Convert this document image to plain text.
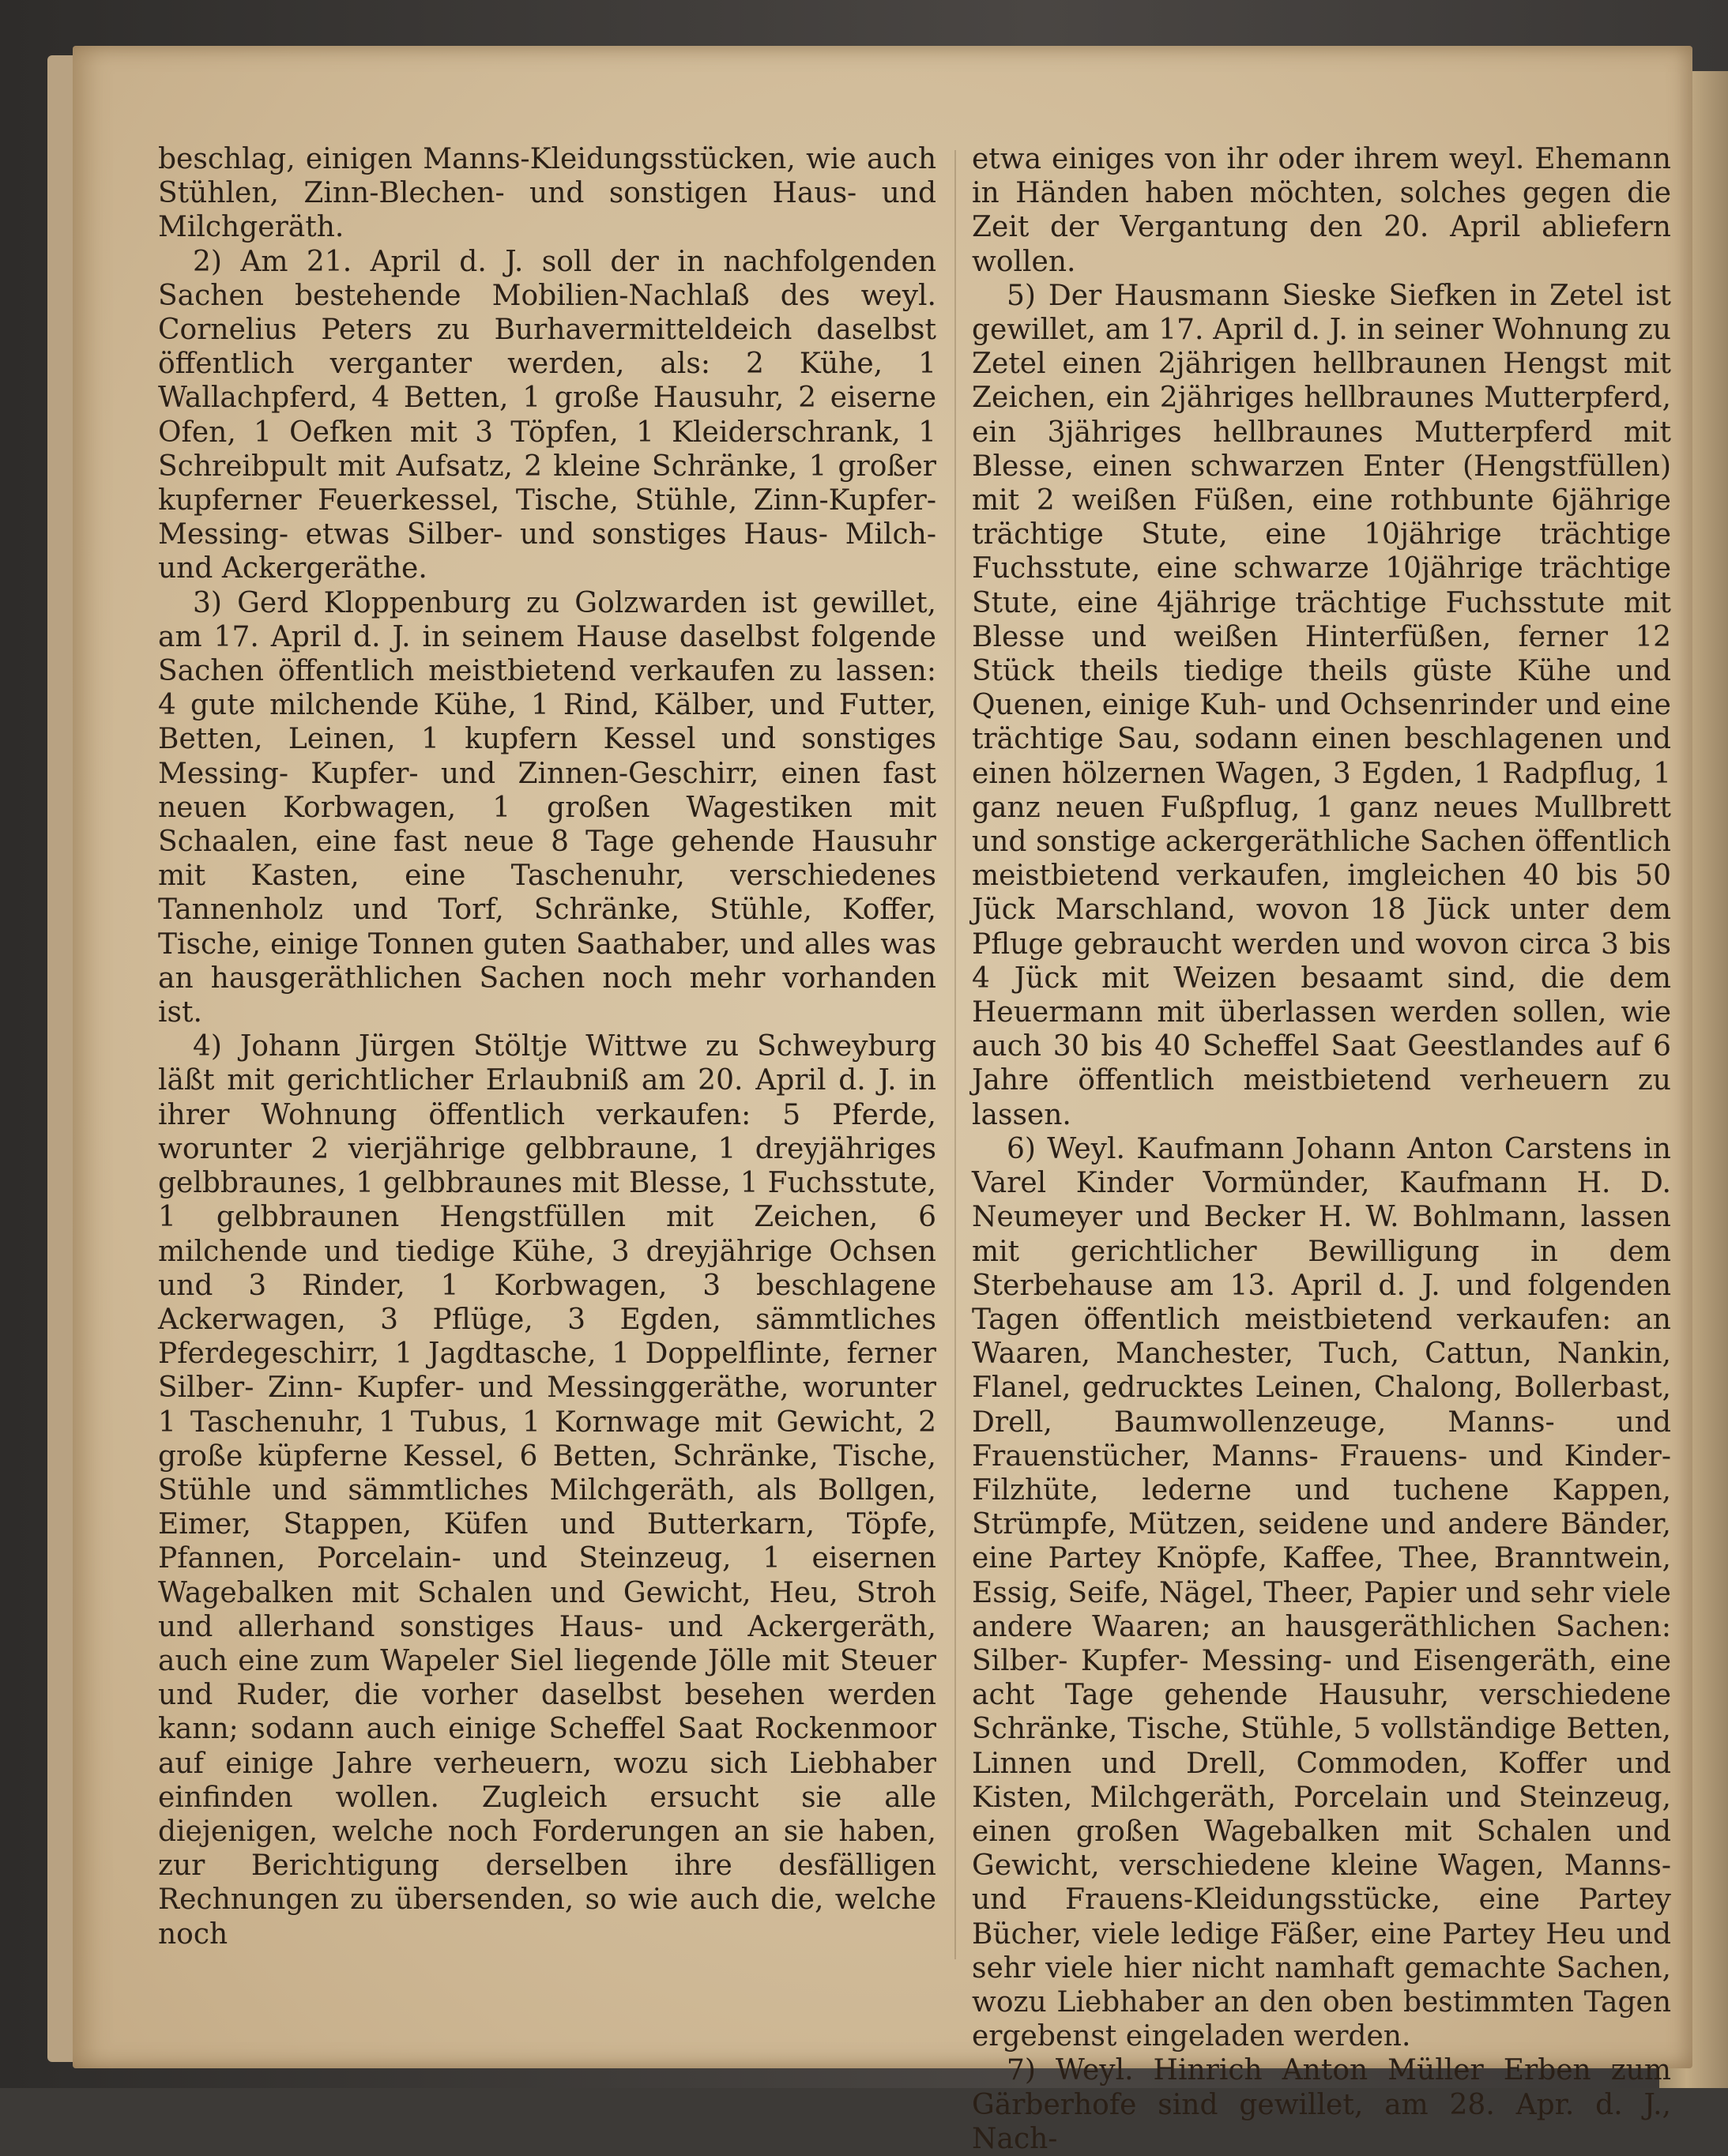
beschlag, einigen Manns-Kleidungsstücken, wie auch Stühlen, Zinn-Blechen- und sonstigen Haus- und Milchgeräth.

2) Am 21. April d. J. soll der in nachfolgenden Sachen bestehende Mobilien-Nachlaß des weyl. Cornelius Peters zu Burhavermitteldeich daselbst öffentlich verganter werden, als: 2 Kühe, 1 Wallachpferd, 4 Betten, 1 große Hausuhr, 2 eiserne Ofen, 1 Oefken mit 3 Töpfen, 1 Kleiderschrank, 1 Schreibpult mit Aufsatz, 2 kleine Schränke, 1 großer kupferner Feuerkessel, Tische, Stühle, Zinn-Kupfer- Messing- etwas Silber- und sonstiges Haus- Milch- und Ackergeräthe.

3) Gerd Kloppenburg zu Golzwarden ist gewillet, am 17. April d. J. in seinem Hause daselbst folgende Sachen öffentlich meistbietend verkaufen zu lassen: 4 gute milchende Kühe, 1 Rind, Kälber, und Futter, Betten, Leinen, 1 kupfern Kessel und sonstiges Messing- Kupfer- und Zinnen-Geschirr, einen fast neuen Korbwagen, 1 großen Wagestiken mit Schaalen, eine fast neue 8 Tage gehende Hausuhr mit Kasten, eine Taschenuhr, verschiedenes Tannenholz und Torf, Schränke, Stühle, Koffer, Tische, einige Tonnen guten Saathaber, und alles was an hausgeräthlichen Sachen noch mehr vorhanden ist.

4) Johann Jürgen Stöltje Wittwe zu Schweyburg läßt mit gerichtlicher Erlaubniß am 20. April d. J. in ihrer Wohnung öffentlich verkaufen: 5 Pferde, worunter 2 vierjährige gelbbraune, 1 dreyjähriges gelbbraunes, 1 gelbbraunes mit Blesse, 1 Fuchsstute, 1 gelbbraunen Hengstfüllen mit Zeichen, 6 milchende und tiedige Kühe, 3 dreyjährige Ochsen und 3 Rinder, 1 Korbwagen, 3 beschlagene Ackerwagen, 3 Pflüge, 3 Egden, sämmtliches Pferdegeschirr, 1 Jagdtasche, 1 Doppelflinte, ferner Silber- Zinn- Kupfer- und Messinggeräthe, worunter 1 Taschenuhr, 1 Tubus, 1 Kornwage mit Gewicht, 2 große küpferne Kessel, 6 Betten, Schränke, Tische, Stühle und sämmtliches Milchgeräth, als Bollgen, Eimer, Stappen, Küfen und Butterkarn, Töpfe, Pfannen, Porcelain- und Steinzeug, 1 eisernen Wagebalken mit Schalen und Gewicht, Heu, Stroh und allerhand sonstiges Haus- und Ackergeräth, auch eine zum Wapeler Siel liegende Jölle mit Steuer und Ruder, die vorher daselbst besehen werden kann; sodann auch einige Scheffel Saat Rockenmoor auf einige Jahre verheuern, wozu sich Liebhaber einfinden wollen. Zugleich ersucht sie alle diejenigen, welche noch Forderungen an sie haben, zur Berichtigung derselben ihre desfälligen Rechnungen zu übersenden, so wie auch die, welche noch

etwa einiges von ihr oder ihrem weyl. Ehemann in Händen haben möchten, solches gegen die Zeit der Vergantung den 20. April abliefern wollen.

5) Der Hausmann Sieske Siefken in Zetel ist gewillet, am 17. April d. J. in seiner Wohnung zu Zetel einen 2jährigen hellbraunen Hengst mit Zeichen, ein 2jähriges hellbraunes Mutterpferd, ein 3jähriges hellbraunes Mutterpferd mit Blesse, einen schwarzen Enter (Hengstfüllen) mit 2 weißen Füßen, eine rothbunte 6jährige trächtige Stute, eine 10jährige trächtige Fuchsstute, eine schwarze 10jährige trächtige Stute, eine 4jährige trächtige Fuchsstute mit Blesse und weißen Hinterfüßen, ferner 12 Stück theils tiedige theils güste Kühe und Quenen, einige Kuh- und Ochsenrinder und eine trächtige Sau, sodann einen beschlagenen und einen hölzernen Wagen, 3 Egden, 1 Radpflug, 1 ganz neuen Fußpflug, 1 ganz neues Mullbrett und sonstige ackergeräthliche Sachen öffentlich meistbietend verkaufen, imgleichen 40 bis 50 Jück Marschland, wovon 18 Jück unter dem Pfluge gebraucht werden und wovon circa 3 bis 4 Jück mit Weizen besaamt sind, die dem Heuermann mit überlassen werden sollen, wie auch 30 bis 40 Scheffel Saat Geestlandes auf 6 Jahre öffentlich meistbietend verheuern zu lassen.

6) Weyl. Kaufmann Johann Anton Carstens in Varel Kinder Vormünder, Kaufmann H. D. Neumeyer und Becker H. W. Bohlmann, lassen mit gerichtlicher Bewilligung in dem Sterbehause am 13. April d. J. und folgenden Tagen öffentlich meistbietend verkaufen: an Waaren, Manchester, Tuch, Cattun, Nankin, Flanel, gedrucktes Leinen, Chalong, Bollerbast, Drell, Baumwollenzeuge, Manns- und Frauenstücher, Manns- Frauens- und Kinder-Filzhüte, lederne und tuchene Kappen, Strümpfe, Mützen, seidene und andere Bänder, eine Partey Knöpfe, Kaffee, Thee, Branntwein, Essig, Seife, Nägel, Theer, Papier und sehr viele andere Waaren; an hausgeräthlichen Sachen: Silber- Kupfer- Messing- und Eisengeräth, eine acht Tage gehende Hausuhr, verschiedene Schränke, Tische, Stühle, 5 vollständige Betten, Linnen und Drell, Commoden, Koffer und Kisten, Milchgeräth, Porcelain und Steinzeug, einen großen Wagebalken mit Schalen und Gewicht, verschiedene kleine Wagen, Manns- und Frauens-Kleidungsstücke, eine Partey Bücher, viele ledige Fäßer, eine Partey Heu und sehr viele hier nicht namhaft gemachte Sachen, wozu Liebhaber an den oben bestimmten Tagen ergebenst eingeladen werden.

7) Weyl. Hinrich Anton Müller Erben zum Gärberhofe sind gewillet, am 28. Apr. d. J., Nach-
